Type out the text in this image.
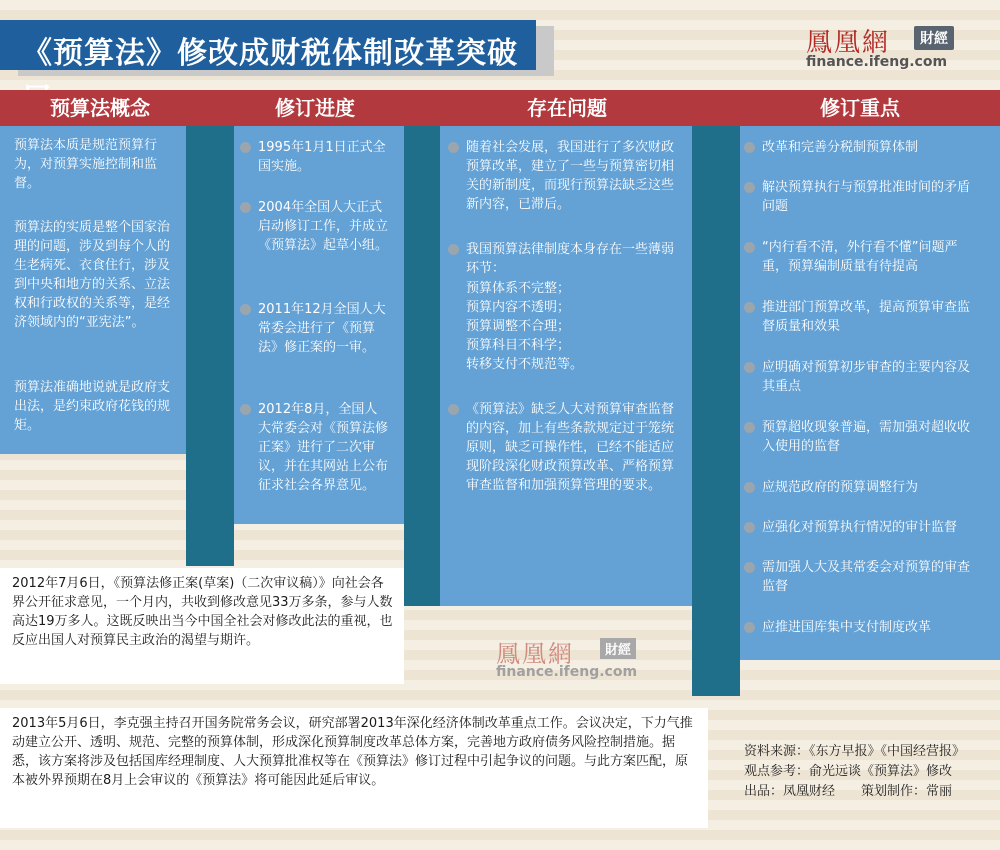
《预算法》修改成财税体制改革突破	鳳凰網	財經
finance.ifeng.com
预算法概念	修订进度	存在问题	修订重点
预算法本质是规范预算行为，对预算实施控制和监督。
预算法的实质是整个国家治理的问题，涉及到每个人的生老病死、衣食住行，涉及到中央和地方的关系、立法权和行政权的关系等，是经济领域内的“亚宪法”。
预算法准确地说就是政府支出法，是约束政府花钱的规矩。
1995年1月1日正式全国实施。
2004年全国人大正式启动修订工作，并成立《预算法》起草小组。
2011年12月全国人大常委会进行了《预算法》修正案的一审。
2012年8月，全国人大常委会对《预算法修正案》进行了二次审议，并在其网站上公布征求社会各界意见。
随着社会发展，我国进行了多次财政预算改革，建立了一些与预算密切相关的新制度，而现行预算法缺乏这些新内容，已滞后。
我国预算法律制度本身存在一些薄弱环节：
预算体系不完整；
预算内容不透明；
预算调整不合理；
预算科目不科学；
转移支付不规范等。
《预算法》缺乏人大对预算审查监督的内容，加上有些条款规定过于笼统原则，缺乏可操作性，已经不能适应现阶段深化财政预算改革、严格预算审查监督和加强预算管理的要求。
改革和完善分税制预算体制
解决预算执行与预算批准时间的矛盾问题
“内行看不清，外行看不懂”问题严重，预算编制质量有待提高
推进部门预算改革，提高预算审查监督质量和效果
应明确对预算初步审查的主要内容及其重点
预算超收现象普遍，需加强对超收收入使用的监督
应规范政府的预算调整行为
应强化对预算执行情况的审计监督
需加强人大及其常委会对预算的审查监督
应推进国库集中支付制度改革
2012年7月6日，《预算法修正案(草案)（二次审议稿）》向社会各界公开征求意见，一个月内，共收到修改意见33万多条，参与人数高达19万多人。这既反映出当今中国全社会对修改此法的重视，也反应出国人对预算民主政治的渴望与期许。
2013年5月6日，李克强主持召开国务院常务会议，研究部署2013年深化经济体制改革重点工作。会议决定，下力气推动建立公开、透明、规范、完整的预算体制，形成深化预算制度改革总体方案，完善地方政府债务风险控制措施。据悉，该方案将涉及包括国库经理制度、人大预算批准权等在《预算法》修订过程中引起争议的问题。与此方案匹配，原本被外界预期在8月上会审议的《预算法》将可能因此延后审议。
鳳凰網	財經
finance.ifeng.com
资料来源：《东方早报》《中国经营报》
观点参考：俞光远谈《预算法》修改
出品：凤凰财经　　策划制作：常丽
